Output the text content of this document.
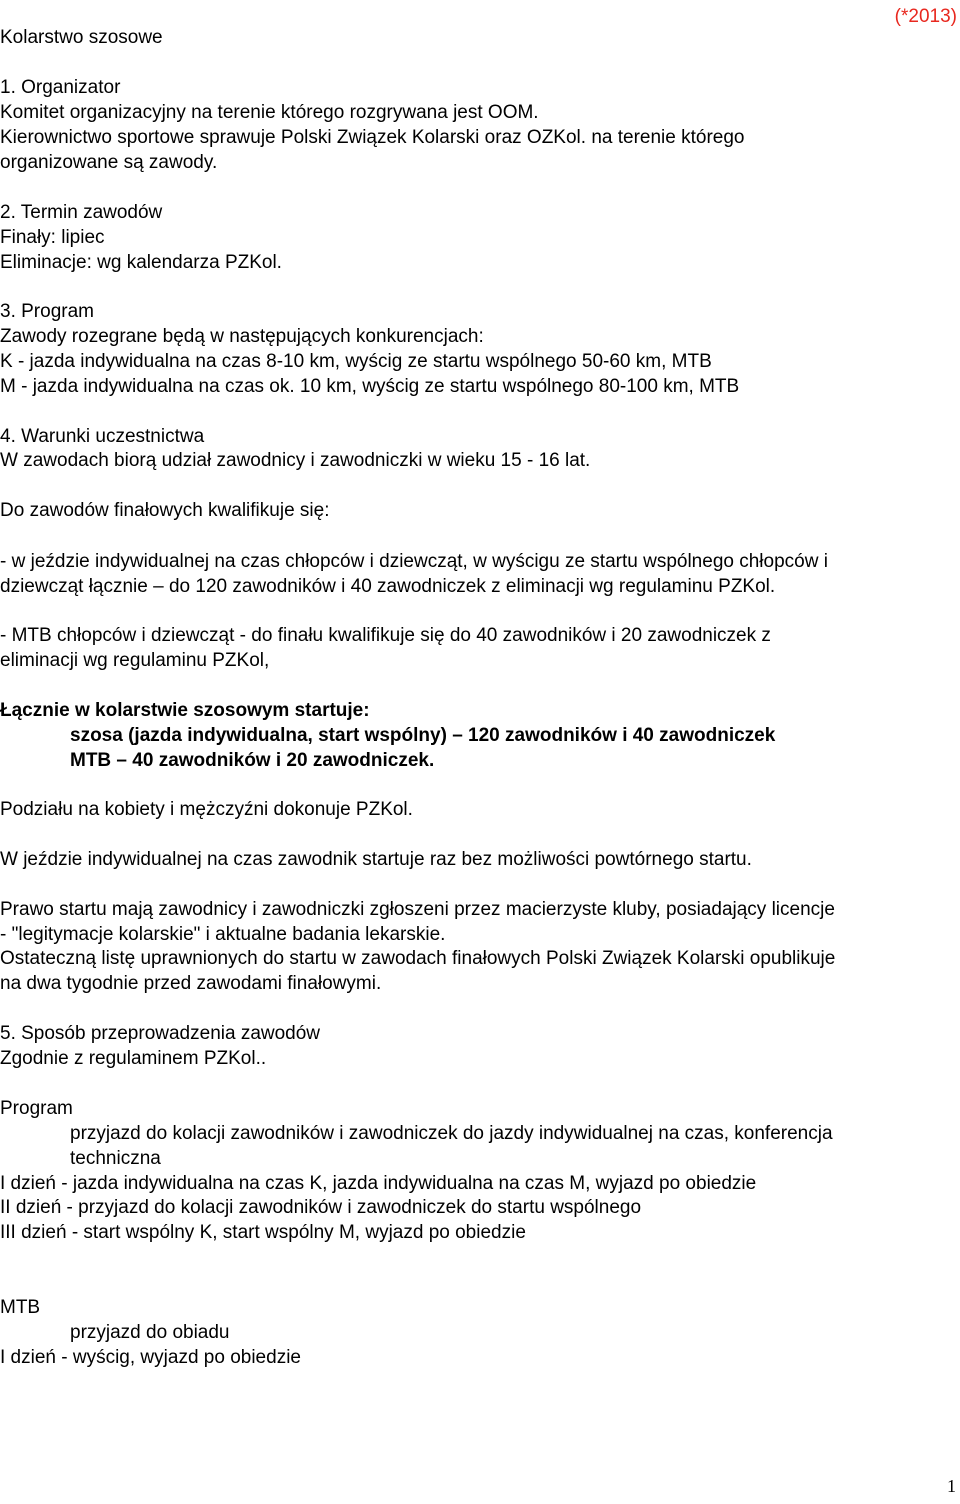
Kolarstwo szosowe
(*2013)
1. Organizator
Komitet organizacyjny na terenie którego rozgrywana jest OOM.
Kierownictwo sportowe sprawuje Polski Związek Kolarski oraz OZKol. na terenie którego
organizowane są zawody.
2. Termin zawodów
Finały: lipiec
Eliminacje: wg kalendarza PZKol.
3. Program
Zawody rozegrane będą w następujących konkurencjach:
K - jazda indywidualna na czas 8-10 km, wyścig ze startu wspólnego 50-60 km, MTB
M - jazda indywidualna na czas ok. 10 km, wyścig ze startu wspólnego 80-100 km, MTB
4. Warunki uczestnictwa
W zawodach biorą udział zawodnicy i zawodniczki w wieku 15 - 16 lat.
Do zawodów finałowych kwalifikuje się:
- w jeździe indywidualnej na czas chłopców i dziewcząt, w wyścigu ze startu wspólnego chłopców i
dziewcząt łącznie – do 120 zawodników i 40 zawodniczek z eliminacji wg regulaminu PZKol.
- MTB chłopców i dziewcząt - do finału kwalifikuje się do 40 zawodników i 20 zawodniczek z
eliminacji wg regulaminu PZKol,
Łącznie w kolarstwie szosowym startuje:
szosa (jazda indywidualna, start wspólny) – 120 zawodników i 40 zawodniczek
MTB – 40 zawodników i 20 zawodniczek.
Podziału na kobiety i mężczyźni dokonuje PZKol.
W jeździe indywidualnej na czas zawodnik startuje raz bez możliwości powtórnego startu.
Prawo startu mają zawodnicy i zawodniczki zgłoszeni przez macierzyste kluby, posiadający licencje
- "legitymacje kolarskie" i aktualne badania lekarskie.
Ostateczną listę uprawnionych do startu w zawodach finałowych Polski Związek Kolarski opublikuje
na dwa tygodnie przed zawodami finałowymi.
5. Sposób przeprowadzenia zawodów
Zgodnie z regulaminem PZKol..
Program
przyjazd do kolacji zawodników i zawodniczek do jazdy indywidualnej na czas, konferencja
techniczna
I dzień - jazda indywidualna na czas K, jazda indywidualna na czas M, wyjazd po obiedzie
II dzień - przyjazd do kolacji zawodników i zawodniczek do startu wspólnego
III dzień - start wspólny K, start wspólny M, wyjazd po obiedzie
MTB
przyjazd do obiadu
I dzień - wyścig, wyjazd po obiedzie
1
